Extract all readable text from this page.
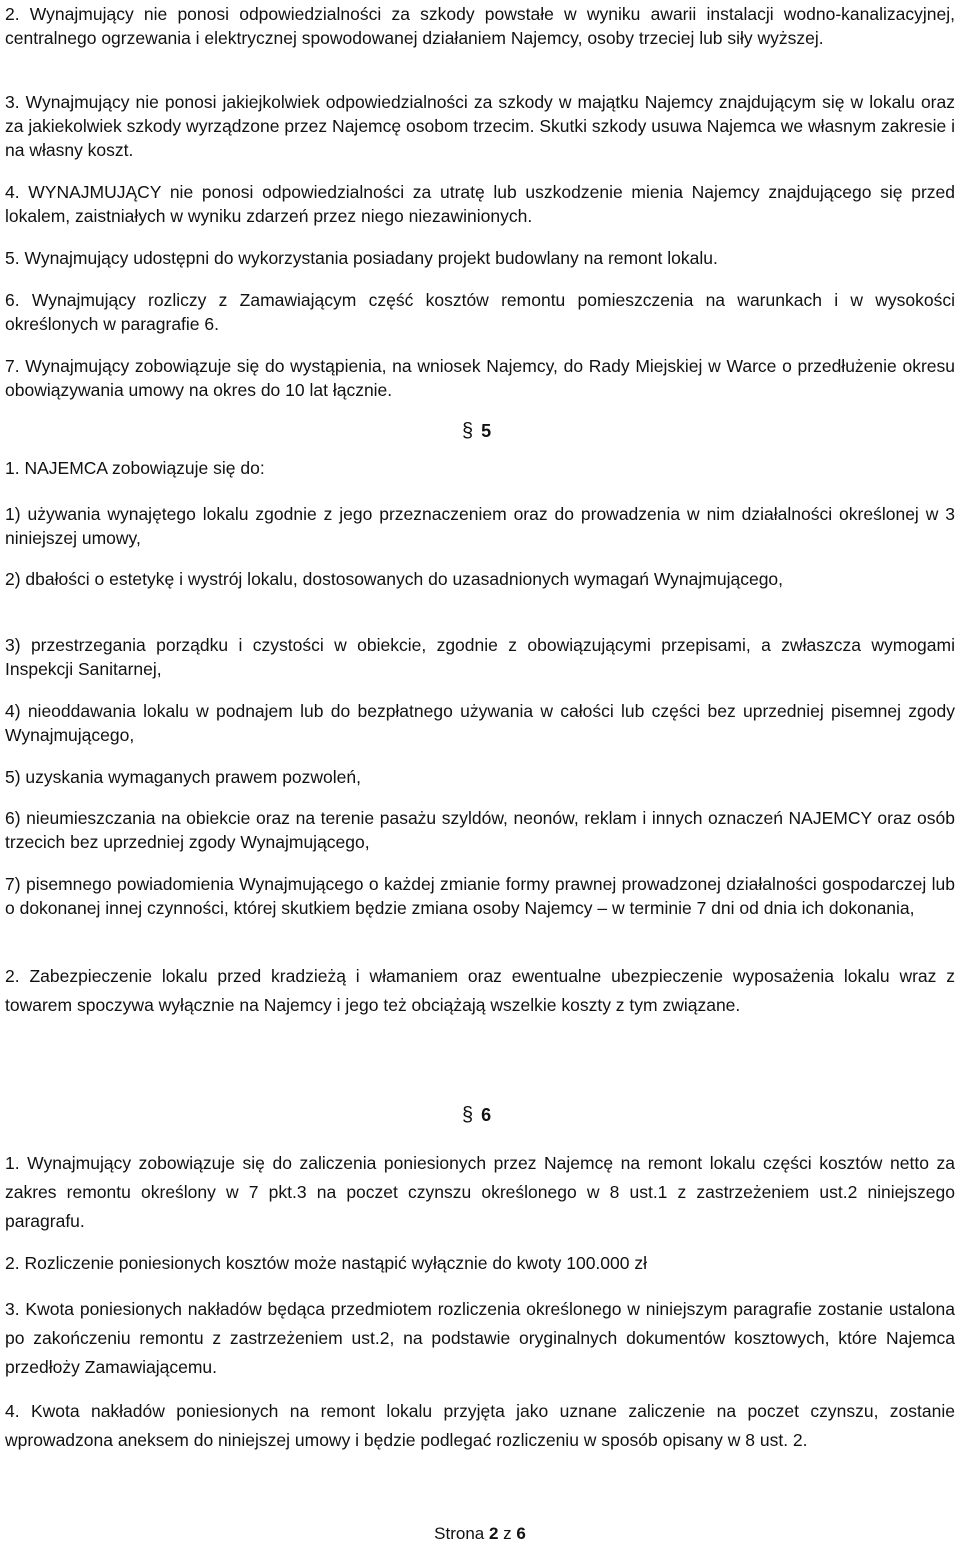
2. Wynajmujący nie ponosi odpowiedzialności za szkody powstałe w wyniku awarii instalacji wodno-kanalizacyjnej, centralnego ogrzewania i elektrycznej spowodowanej działaniem Najemcy, osoby trzeciej lub siły wyższej.

3. Wynajmujący nie ponosi jakiejkolwiek odpowiedzialności za szkody w majątku Najemcy znajdującym się w lokalu oraz za jakiekolwiek szkody wyrządzone przez Najemcę osobom trzecim. Skutki szkody usuwa Najemca we własnym zakresie i na własny koszt.

4. WYNAJMUJĄCY nie ponosi odpowiedzialności za utratę lub uszkodzenie mienia Najemcy znajdującego się przed lokalem, zaistniałych w wyniku zdarzeń przez niego niezawinionych.

5. Wynajmujący udostępni do wykorzystania posiadany projekt budowlany na remont lokalu.

6. Wynajmujący rozliczy z Zamawiającym część kosztów remontu pomieszczenia na warunkach i w wysokości określonych w paragrafie 6.

7. Wynajmujący zobowiązuje się do wystąpienia, na wniosek Najemcy, do Rady Miejskiej w Warce o przedłużenie okresu obowiązywania umowy na okres do 10 lat łącznie.

§ 5

1. NAJEMCA zobowiązuje się do:

1) używania wynajętego lokalu zgodnie z jego przeznaczeniem oraz do prowadzenia w nim działalności określonej w 3 niniejszej umowy,

2) dbałości o estetykę i wystrój lokalu, dostosowanych do uzasadnionych wymagań Wynajmującego,

3) przestrzegania porządku i czystości w obiekcie, zgodnie z obowiązującymi przepisami, a zwłaszcza wymogami Inspekcji Sanitarnej,

4) nieoddawania lokalu w podnajem lub do bezpłatnego używania w całości lub części bez uprzedniej pisemnej zgody Wynajmującego,

5) uzyskania wymaganych prawem pozwoleń,

6) nieumieszczania na obiekcie oraz na terenie pasażu szyldów, neonów, reklam i innych oznaczeń NAJEMCY oraz osób trzecich bez uprzedniej zgody Wynajmującego,

7) pisemnego powiadomienia Wynajmującego o każdej zmianie formy prawnej prowadzonej działalności gospodarczej lub o dokonanej innej czynności, której skutkiem będzie zmiana osoby Najemcy – w terminie 7 dni od dnia ich dokonania,

2. Zabezpieczenie lokalu przed kradzieżą i włamaniem oraz ewentualne ubezpieczenie wyposażenia lokalu wraz z towarem spoczywa wyłącznie na Najemcy i jego też obciążają wszelkie koszty z tym związane.

§ 6

1. Wynajmujący zobowiązuje się do zaliczenia poniesionych przez Najemcę na remont lokalu części kosztów netto za zakres remontu określony w 7 pkt.3 na poczet czynszu określonego w 8 ust.1 z zastrzeżeniem ust.2 niniejszego paragrafu.

2. Rozliczenie poniesionych kosztów może nastąpić wyłącznie do kwoty 100.000 zł

3. Kwota poniesionych nakładów będąca przedmiotem rozliczenia określonego w niniejszym paragrafie zostanie ustalona po zakończeniu remontu z zastrzeżeniem ust.2, na podstawie oryginalnych dokumentów kosztowych, które Najemca przedłoży Zamawiającemu.

4. Kwota nakładów poniesionych na remont lokalu przyjęta jako uznane zaliczenie na poczet czynszu, zostanie wprowadzona aneksem do niniejszej umowy i będzie podlegać rozliczeniu w sposób opisany w 8 ust. 2.

Strona 2 z 6
